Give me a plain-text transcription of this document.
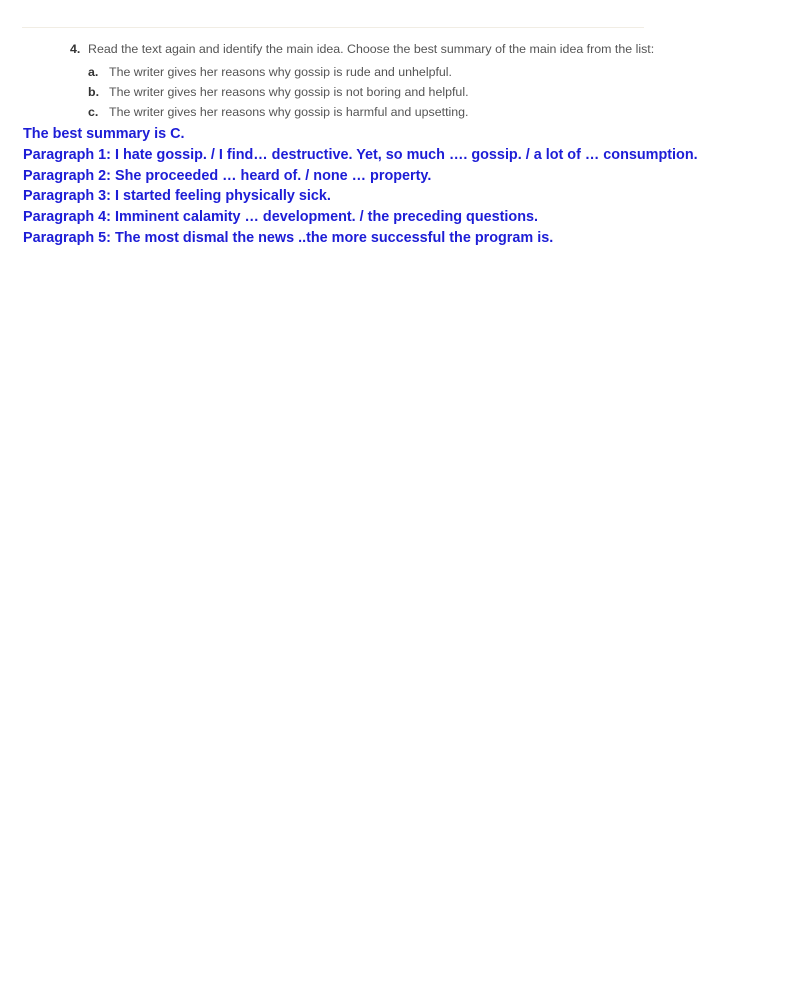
4. Read the text again and identify the main idea. Choose the best summary of the main idea from the list:
a. The writer gives her reasons why gossip is rude and unhelpful.
b. The writer gives her reasons why gossip is not boring and helpful.
c. The writer gives her reasons why gossip is harmful and upsetting.
The best summary is C.
Paragraph 1: I hate gossip. / I find… destructive. Yet, so much …. gossip. / a lot of … consumption.
Paragraph 2: She proceeded … heard of. / none … property.
Paragraph 3: I started feeling physically sick.
Paragraph 4: Imminent calamity … development. / the preceding questions.
Paragraph 5: The most dismal the news ..the more successful the program is.
